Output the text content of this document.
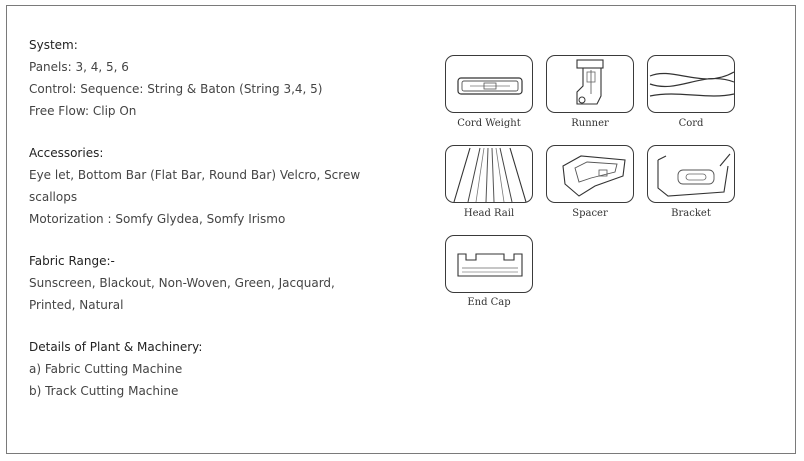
System:
Panels: 3, 4, 5, 6
Control: Sequence: String & Baton (String 3,4, 5)
Free Flow: Clip On
Accessories:
Eye let, Bottom Bar (Flat Bar, Round Bar) Velcro, Screw
scallops
Motorization : Somfy Glydea, Somfy Irismo
Fabric Range:-
Sunscreen, Blackout, Non-Woven, Green, Jacquard,
Printed, Natural
Details of Plant & Machinery:
a) Fabric Cutting Machine
b) Track Cutting Machine
Cord Weight	Runner	Cord
Head Rail	Spacer	Bracket
End Cap
